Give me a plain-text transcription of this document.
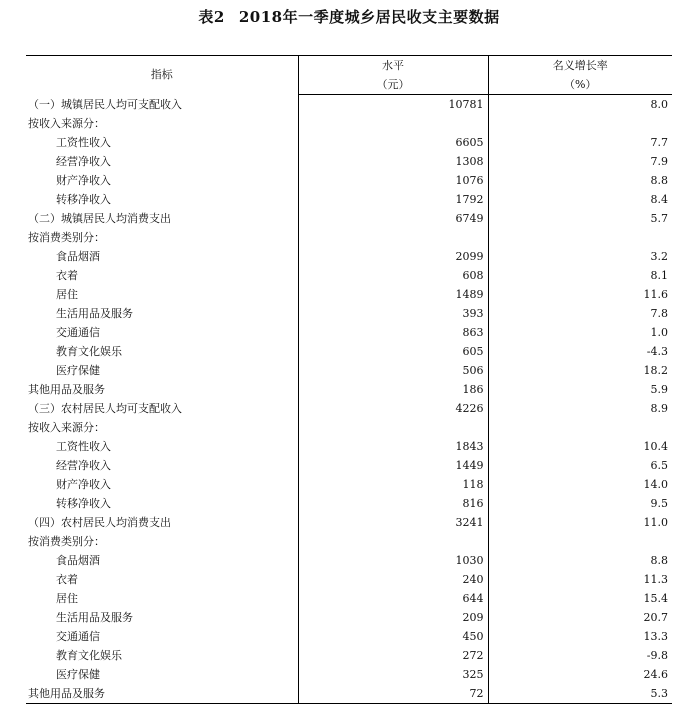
表2 2018年一季度城乡居民收支主要数据
指标	水平	名义增长率
	（元）	（%）
（一）城镇居民人均可支配收入	10781	8.0
按收入来源分：		
工资性收入	6605	7.7
经营净收入	1308	7.9
财产净收入	1076	8.8
转移净收入	1792	8.4
（二）城镇居民人均消费支出	6749	5.7
按消费类别分：		
食品烟酒	2099	3.2
衣着	608	8.1
居住	1489	11.6
生活用品及服务	393	7.8
交通通信	863	1.0
教育文化娱乐	605	-4.3
医疗保健	506	18.2
其他用品及服务	186	5.9
（三）农村居民人均可支配收入	4226	8.9
按收入来源分：		
工资性收入	1843	10.4
经营净收入	1449	6.5
财产净收入	118	14.0
转移净收入	816	9.5
（四）农村居民人均消费支出	3241	11.0
按消费类别分：		
食品烟酒	1030	8.8
衣着	240	11.3
居住	644	15.4
生活用品及服务	209	20.7
交通通信	450	13.3
教育文化娱乐	272	-9.8
医疗保健	325	24.6
其他用品及服务	72	5.3
